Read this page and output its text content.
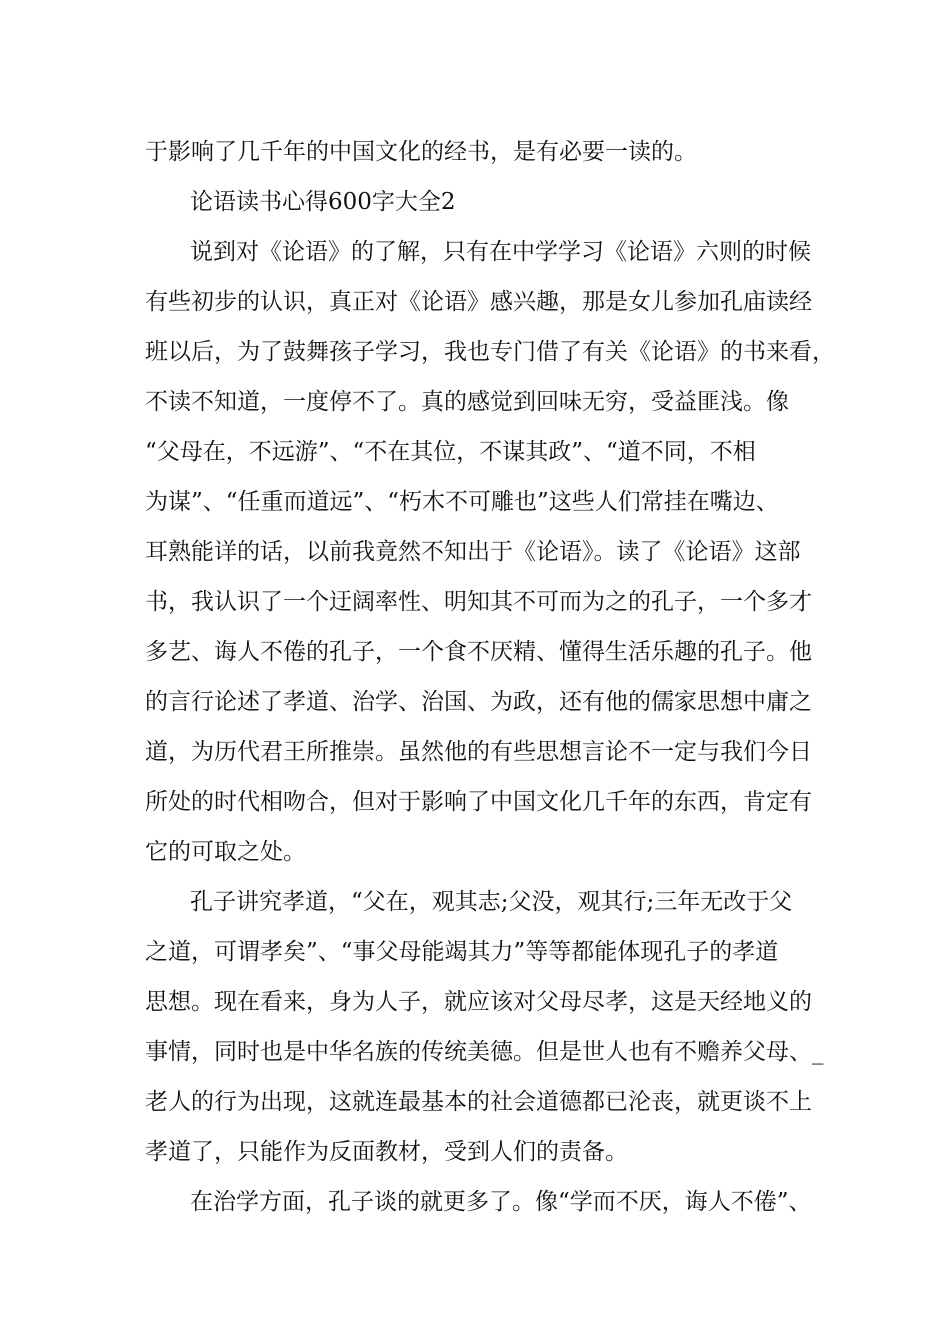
于影响了几千年的中国文化的经书，是有必要一读的。
论语读书心得600字大全2
说到对《论语》的了解，只有在中学学习《论语》六则的时候
有些初步的认识，真正对《论语》感兴趣，那是女儿参加孔庙读经
班以后，为了鼓舞孩子学习，我也专门借了有关《论语》的书来看，
不读不知道，一度停不了。真的感觉到回味无穷，受益匪浅。像
“父母在，不远游”、“不在其位，不谋其政”、“道不同，不相
为谋”、“任重而道远”、“朽木不可雕也”这些人们常挂在嘴边、
耳熟能详的话，以前我竟然不知出于《论语》。读了《论语》这部
书，我认识了一个迂阔率性、明知其不可而为之的孔子，一个多才
多艺、诲人不倦的孔子，一个食不厌精、懂得生活乐趣的孔子。他
的言行论述了孝道、治学、治国、为政，还有他的儒家思想中庸之
道，为历代君王所推崇。虽然他的有些思想言论不一定与我们今日
所处的时代相吻合，但对于影响了中国文化几千年的东西，肯定有
它的可取之处。
孔子讲究孝道，“父在，观其志;父没，观其行;三年无改于父
之道，可谓孝矣”、“事父母能竭其力”等等都能体现孔子的孝道
思想。现在看来，身为人子，就应该对父母尽孝，这是天经地义的
事情，同时也是中华名族的传统美德。但是世人也有不赡养父母、_
老人的行为出现，这就连最基本的社会道德都已沦丧，就更谈不上
孝道了，只能作为反面教材，受到人们的责备。
在治学方面，孔子谈的就更多了。像“学而不厌，诲人不倦”、
